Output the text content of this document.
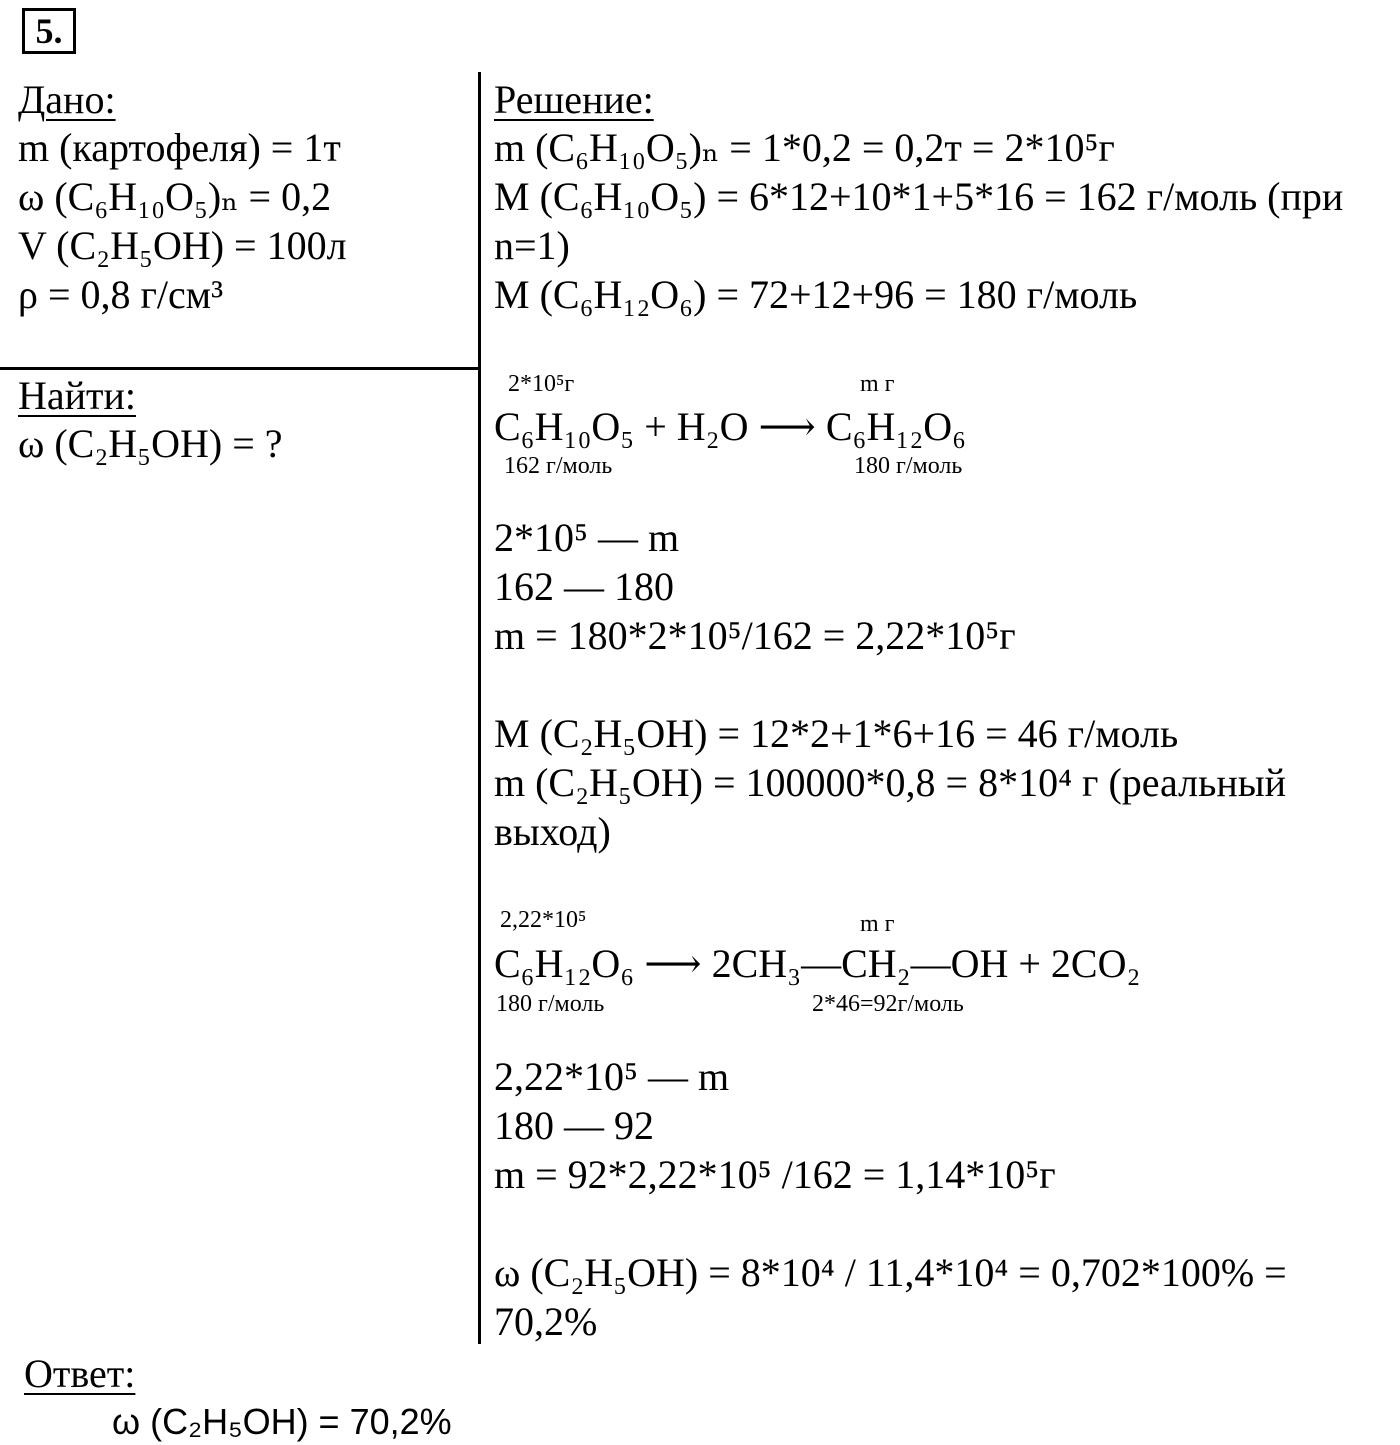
5.
Дано:
m (картофеля) = 1т
ω (C₆H₁₀O₅)ₙ = 0,2
V (C₂H₅OH) = 100л
ρ = 0,8 г/см³
Найти:
ω (C₂H₅OH) = ?
Решение:
m (C₆H₁₀O₅)ₙ = 1*0,2 = 0,2т = 2*10⁵г
M (C₆H₁₀O₅) = 6*12+10*1+5*16 = 162 г/моль (при
n=1)
M (C₆H₁₂O₆) = 72+12+96 = 180 г/моль
2*10⁵г	m г
C₆H₁₀O₅ + H₂O ⟶ C₆H₁₂O₆
162 г/моль	180 г/моль
2*10⁵ — m
162 — 180
m = 180*2*10⁵/162 = 2,22*10⁵г
M (C₂H₅OH) = 12*2+1*6+16 = 46 г/моль
m (C₂H₅OH) = 100000*0,8 = 8*10⁴ г (реальный
выход)
2,22*10⁵	m г
C₆H₁₂O₆ ⟶ 2CH₃—CH₂—OH + 2CO₂
180 г/моль	2*46=92г/моль
2,22*10⁵ — m
180 — 92
m = 92*2,22*10⁵ /162 = 1,14*10⁵г
ω (C₂H₅OH) = 8*10⁴ / 11,4*10⁴ = 0,702*100% =
70,2%
Ответ:
ω (C₂H₅OH) = 70,2%
